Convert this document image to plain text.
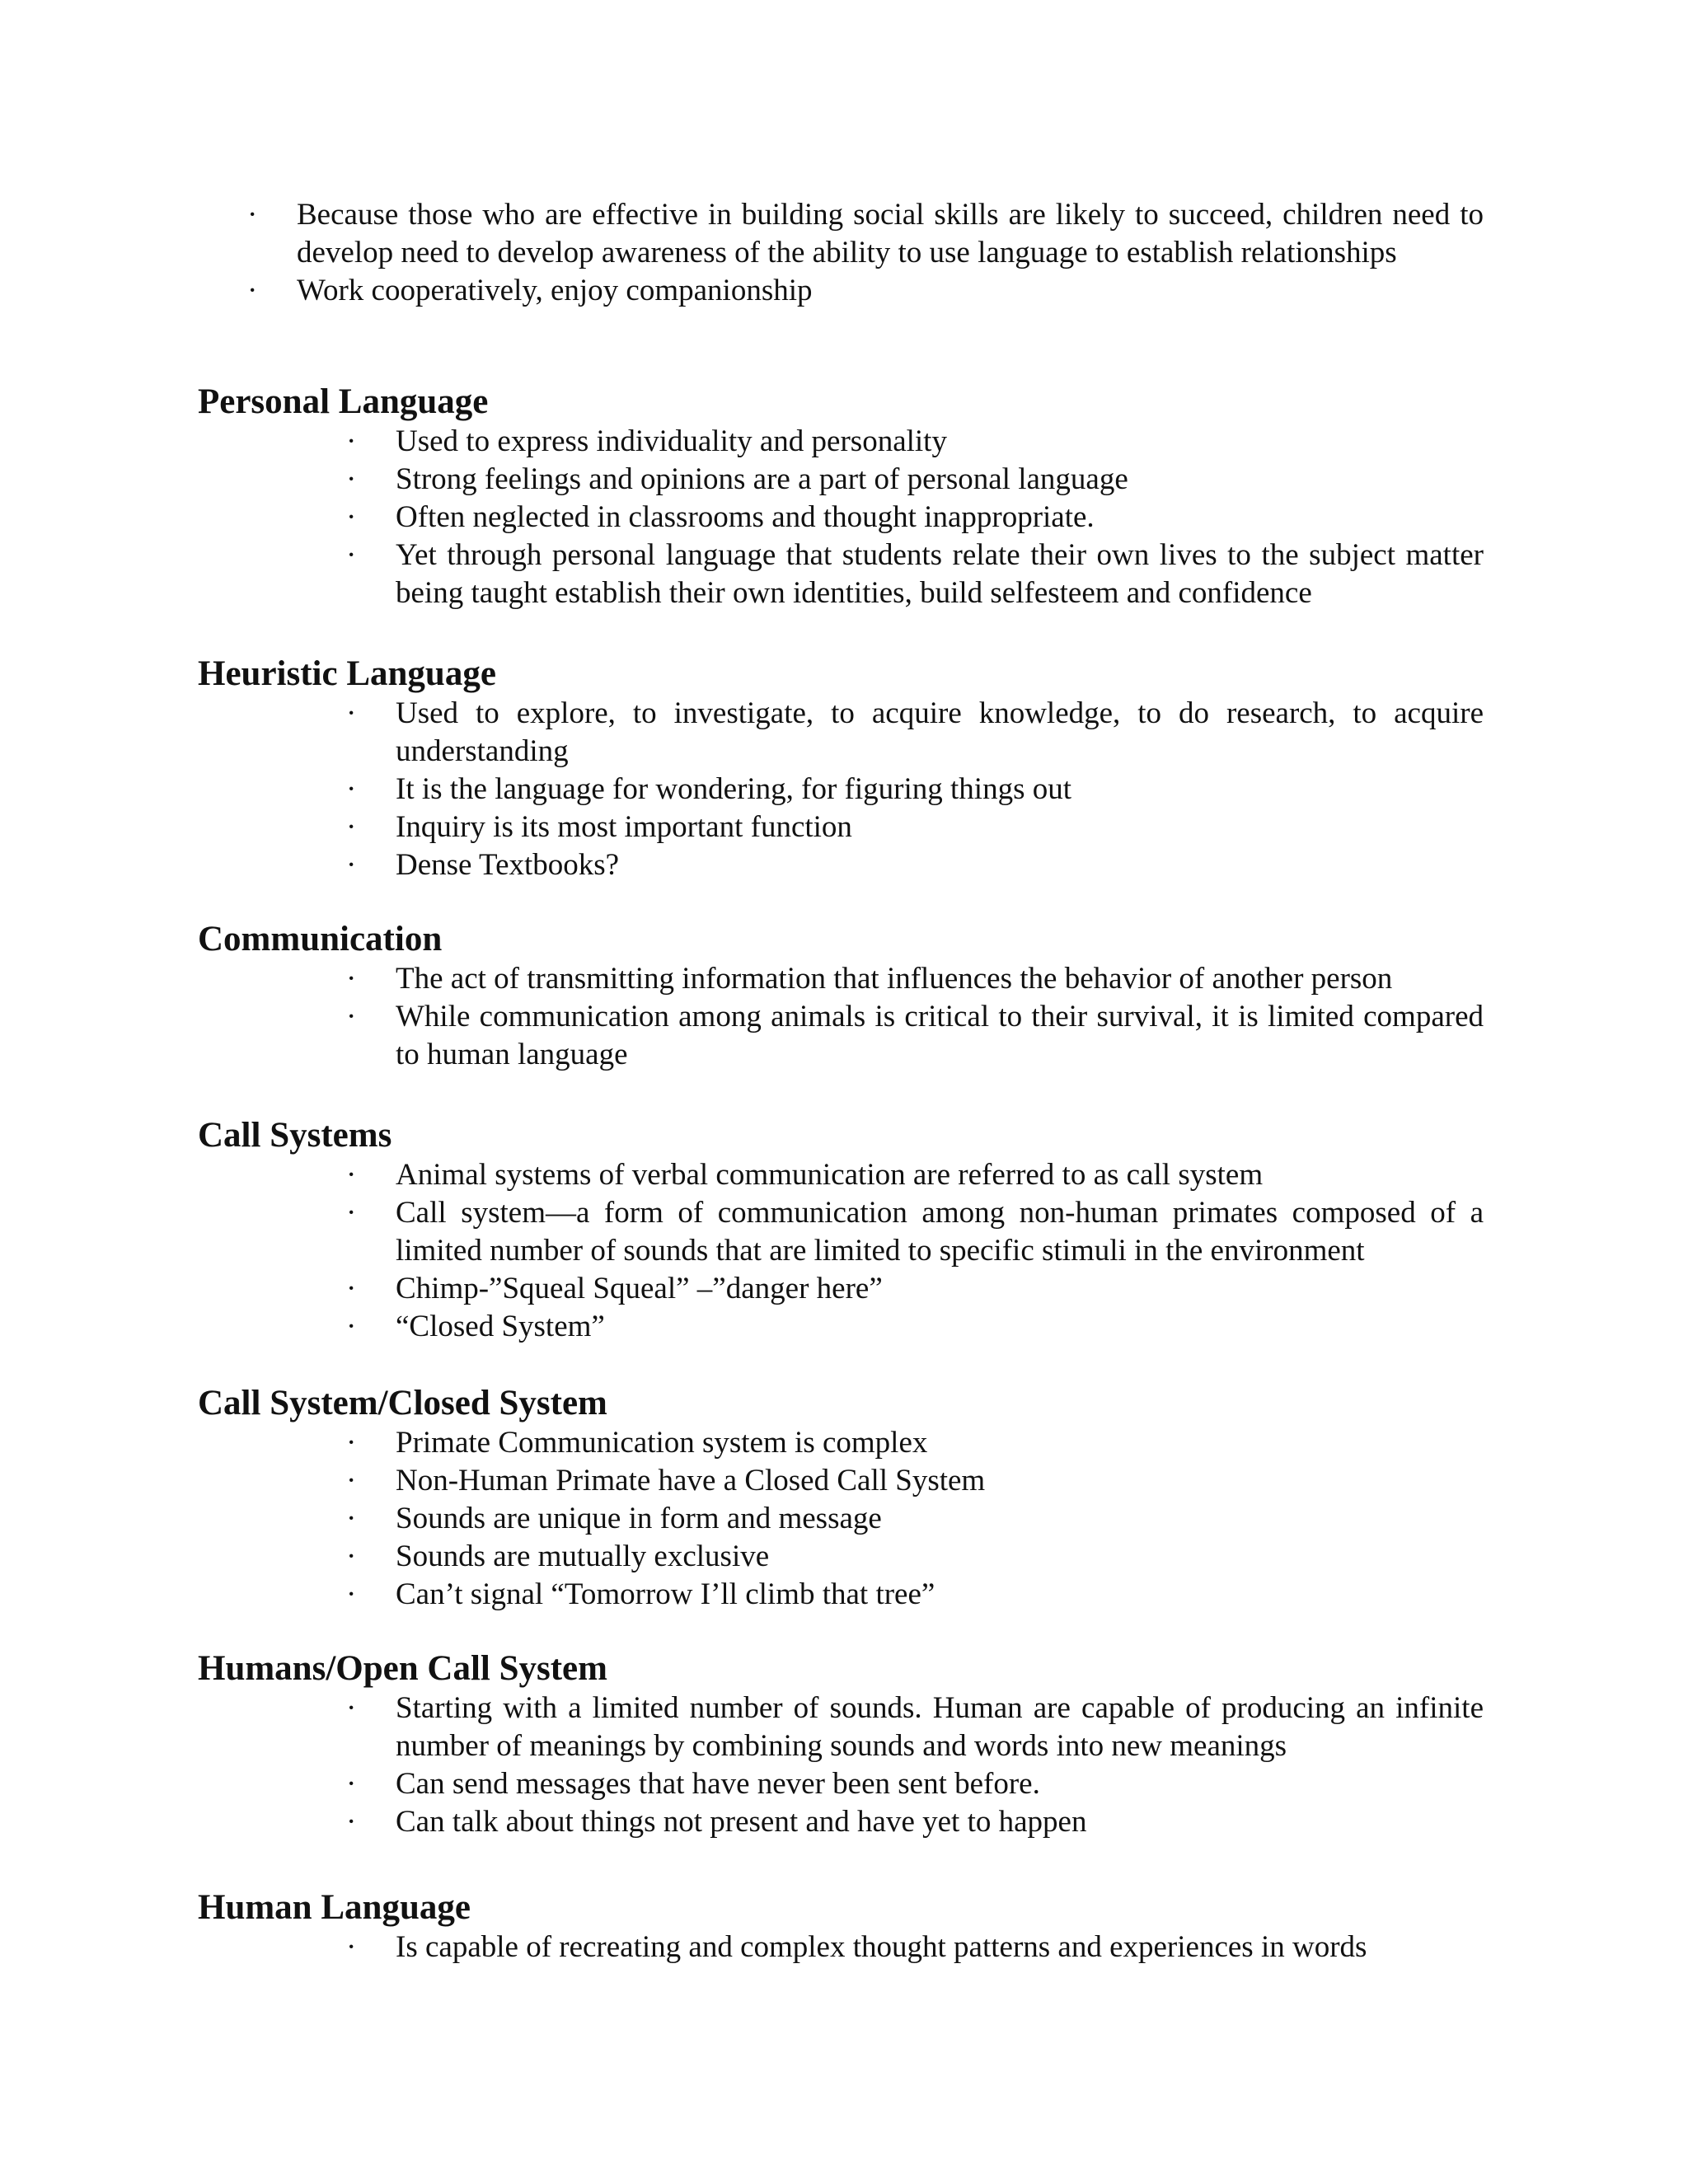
·	Because those who are effective in building social skills are likely to succeed, children need to develop need to develop awareness of the ability to use language to establish relationships
·	Work cooperatively, enjoy companionship
Personal Language
·	Used to express individuality and personality
·	Strong feelings and opinions are a part of personal language
·	Often neglected in classrooms and thought inappropriate.
·	Yet through personal language that students relate their own lives to the subject matter being taught establish their own identities, build selfesteem and confidence
Heuristic Language
·	Used to explore, to investigate, to acquire knowledge, to do research, to acquire understanding
·	It is the language for wondering, for figuring things out
·	Inquiry is its most important function
·	Dense Textbooks?
Communication
·	The act of transmitting information that influences the behavior of another person
·	While communication among animals is critical to their survival, it is limited compared to human language
Call Systems
·	Animal systems of verbal communication are referred to as call system
·	Call system—a form of communication among non-human primates composed of a limited number of sounds that are limited to specific stimuli in the environment
·	Chimp-”Squeal Squeal” –”danger here”
·	“Closed System”
Call System/Closed System
·	Primate Communication system is complex
·	Non-Human Primate have a Closed Call System
·	Sounds are unique in form and message
·	Sounds are mutually exclusive
·	Can’t signal “Tomorrow I’ll climb that tree”
Humans/Open Call System
·	Starting with a limited number of sounds. Human are capable of producing an infinite number of meanings by combining sounds and words into new meanings
·	Can send messages that have never been sent before.
·	Can talk about things not present and have yet to happen
Human Language
·	Is capable of recreating and complex thought patterns and experiences in words
